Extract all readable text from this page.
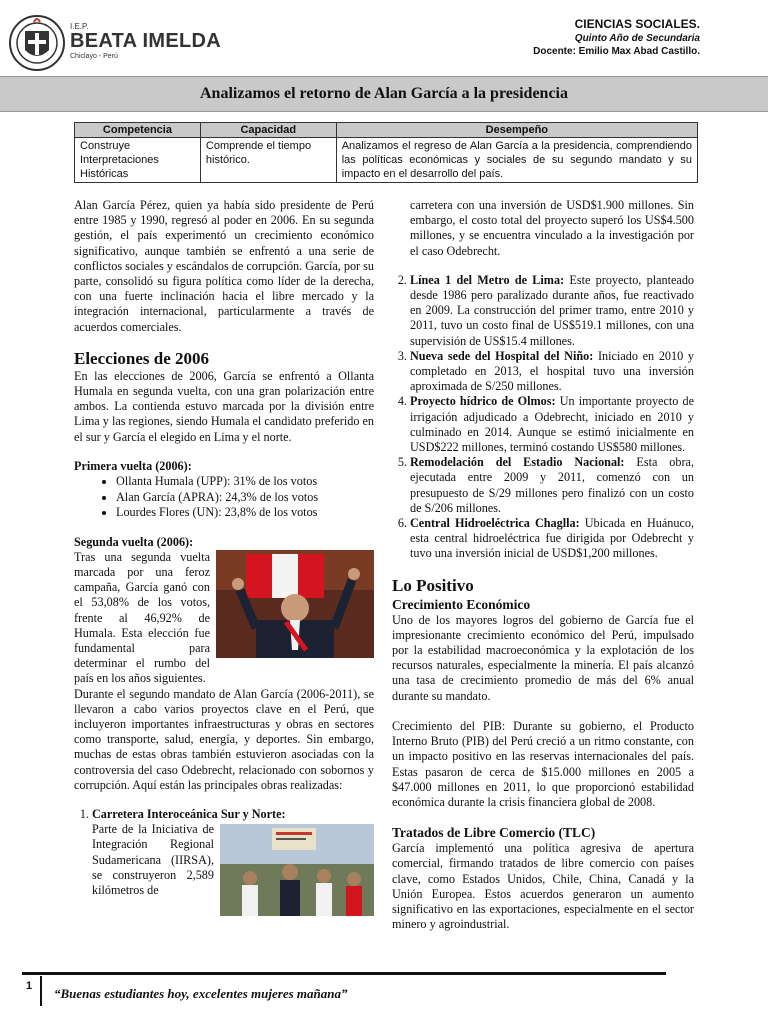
I.E.P.
BEATA IMELDA
Chiclayo - Perú
CIENCIAS SOCIALES.
Quinto Año de Secundaria
Docente: Emilio Max Abad Castillo.
Analizamos el retorno de Alan García a la presidencia
Competencia	Capacidad	Desempeño
Construye Interpretaciones Históricas	Comprende el tiempo histórico.	Analizamos el regreso de Alan García a la presidencia, comprendiendo las políticas económicas y sociales de su segundo mandato y su impacto en el desarrollo del país.

Alan García Pérez, quien ya había sido presidente de Perú entre 1985 y 1990, regresó al poder en 2006. En su segunda gestión, el país experimentó un crecimiento económico significativo, aunque también se enfrentó a una serie de conflictos sociales y escándalos de corrupción. García, por su parte, consolidó su figura política como líder de la derecha, con una fuerte inclinación hacia el libre mercado y la integración internacional, particularmente a través de acuerdos comerciales.

Elecciones de 2006

En las elecciones de 2006, García se enfrentó a Ollanta Humala en segunda vuelta, con una gran polarización entre ambos. La contienda estuvo marcada por la división entre Lima y las regiones, siendo Humala el candidato preferido en el sur y García el elegido en Lima y el norte.

Primera vuelta (2006):

• Ollanta Humala (UPP): 31% de los votos
• Alan García (APRA): 24,3% de los votos
• Lourdes Flores (UN): 23,8% de los votos

Segunda vuelta (2006):

Tras una segunda vuelta marcada por una feroz campaña, García ganó con el 53,08% de los votos, frente al 46,92% de Humala. Esta elección fue fundamental para determinar el rumbo del país en los años siguientes.

Durante el segundo mandato de Alan García (2006-2011), se llevaron a cabo varios proyectos clave en el Perú, que incluyeron importantes infraestructuras y obras en sectores como transporte, salud, energía, y deportes. Sin embargo, muchas de estas obras también estuvieron asociadas con la controversia del caso Odebrecht, relacionado con sobornos y corrupción. Aquí están las principales obras realizadas:

1. Carretera Interoceánica Sur y Norte:

Parte de la Iniciativa de Integración Regional Sudamericana (IIRSA), se construyeron 2,589 kilómetros de

carretera con una inversión de USD$1.900 millones. Sin embargo, el costo total del proyecto superó los US$4.500 millones, y se encuentra vinculado a la investigación por el caso Odebrecht.

2. Línea 1 del Metro de Lima: Este proyecto, planteado desde 1986 pero paralizado durante años, fue reactivado en 2009. La construcción del primer tramo, entre 2010 y 2011, tuvo un costo final de US$519.1 millones, con una supervisión de US$15.4 millones.
3. Nueva sede del Hospital del Niño: Iniciado en 2010 y completado en 2013, el hospital tuvo una inversión aproximada de S/250 millones.
4. Proyecto hídrico de Olmos: Un importante proyecto de irrigación adjudicado a Odebrecht, iniciado en 2010 y culminado en 2014. Aunque se estimó inicialmente en USD$222 millones, terminó costando US$580 millones.
5. Remodelación del Estadio Nacional: Esta obra, ejecutada entre 2009 y 2011, comenzó con un presupuesto de S/29 millones pero finalizó con un costo de S/206 millones.
6. Central Hidroeléctrica Chaglla: Ubicada en Huánuco, esta central hidroeléctrica fue dirigida por Odebrecht y tuvo una inversión inicial de USD$1,200 millones.
Lo Positivo
Crecimiento Económico

Uno de los mayores logros del gobierno de García fue el impresionante crecimiento económico del Perú, impulsado por la estabilidad macroeconómica y la explotación de los recursos naturales, especialmente la minería. El país alcanzó una tasa de crecimiento promedio de más del 6% anual durante su mandato.

Crecimiento del PIB: Durante su gobierno, el Producto Interno Bruto (PIB) del Perú creció a un ritmo constante, con un impacto positivo en las reservas internacionales del país. Estas pasaron de cerca de $15.000 millones en 2005 a $47.000 millones en 2011, lo que proporcionó estabilidad económica durante la crisis financiera global de 2008.

Tratados de Libre Comercio (TLC)

García implementó una política agresiva de apertura comercial, firmando tratados de libre comercio con países clave, como Estados Unidos, Chile, China, Canadá y la Unión Europea. Estos acuerdos generaron un aumento significativo en las exportaciones, especialmente en el sector minero y agroindustrial.

1 “Buenas estudiantes hoy, excelentes mujeres mañana”
